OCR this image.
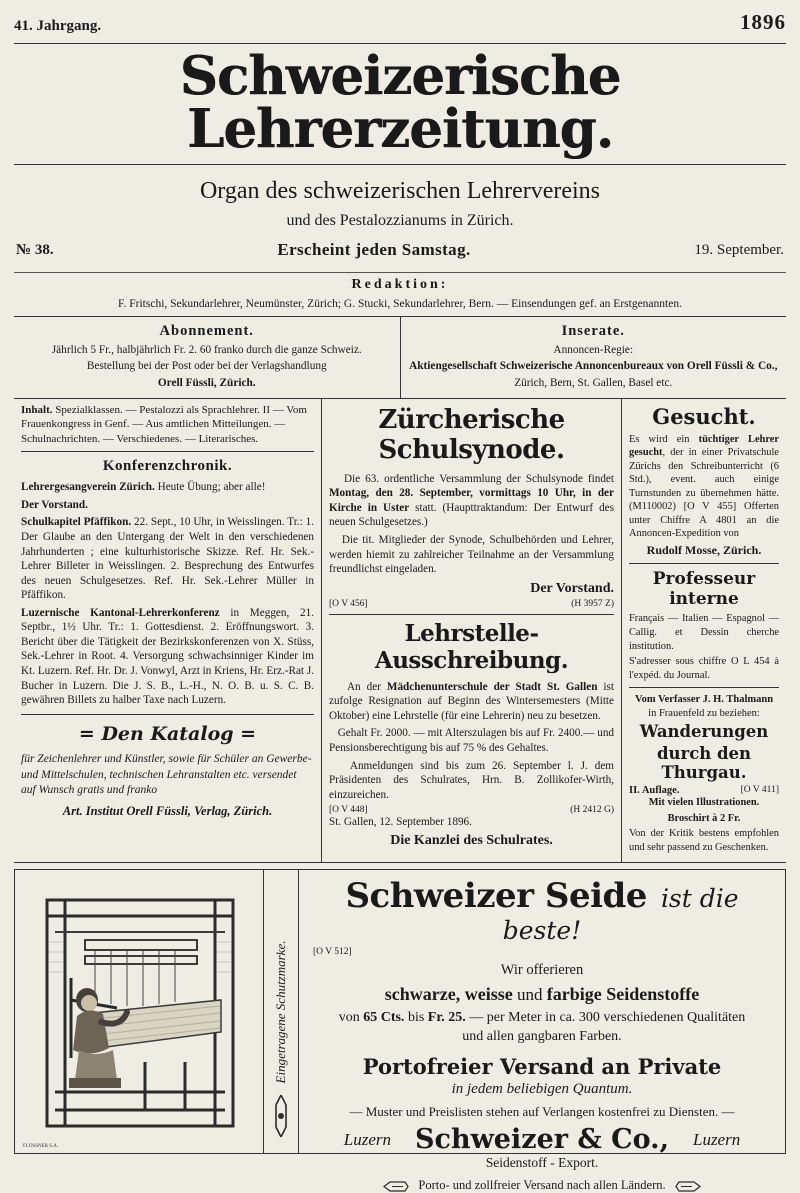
41. Jahrgang.	1896
Schweizerische Lehrerzeitung.
Organ des schweizerischen Lehrervereins
und des Pestalozzianums in Zürich.
№ 38.	Erscheint jeden Samstag.	19. September.
Redaktion:
F. Fritschi, Sekundarlehrer, Neumünster, Zürich; G. Stucki, Sekundarlehrer, Bern. — Einsendungen gef. an Erstgenannten.
Abonnement.

Jährlich 5 Fr., halbjährlich Fr. 2. 60 franko durch die ganze Schweiz.

Bestellung bei der Post oder bei der Verlagshandlung

Orell Füssli, Zürich.

Inserate.

Annoncen-Regie:

Aktiengesellschaft Schweizerische Annoncenbureaux von Orell Füssli & Co.,

Zürich, Bern, St. Gallen, Basel etc.

Inhalt. Spezialklassen. — Pestalozzi als Sprachlehrer. II — Vom Frauenkongress in Genf. — Aus amtlichen Mitteilungen. — Schulnachrichten. — Verschiedenes. — Literarisches.
Konferenzchronik.

Lehrergesangverein Zürich. Heute Übung; aber alle!

Der Vorstand.

Schulkapitel Pfäffikon. 22. Sept., 10 Uhr, in Weisslingen. Tr.: 1. Der Glaube an den Untergang der Welt in den verschiedenen Jahrhunderten ; eine kulturhistorische Skizze. Ref. Hr. Sek.-Lehrer Billeter in Weisslingen. 2. Besprechung des Entwurfes des neuen Schulgesetzes. Ref. Hr. Sek.-Lehrer Müller in Pfäffikon.

Luzernische Kantonal-Lehrerkonferenz in Meggen, 21. Septbr., 1½ Uhr. Tr.: 1. Gottesdienst. 2. Eröffnungswort. 3. Bericht über die Tätigkeit der Bezirkskonferenzen von X. Stüss, Sek.-Lehrer in Root. 4. Versorgung schwachsinniger Kinder im Kt. Luzern. Ref. Hr. Dr. J. Vonwyl, Arzt in Kriens, Hr. Erz.-Rat J. Bucher in Luzern. Die J. S. B., L.-H., N. O. B. u. S. C. B. gewähren Billets zu halber Taxe nach Luzern.

= Den Katalog =
für Zeichenlehrer und Künstler, sowie für Schüler an Gewerbe- und Mittelschulen, technischen Lehranstalten etc. versendet auf Wunsch gratis und franko
Art. Institut Orell Füssli, Verlag, Zürich.
Zürcherische Schulsynode.

Die 63. ordentliche Versammlung der Schulsynode findet Montag, den 28. September, vormittags 10 Uhr, in der Kirche in Uster statt. (Haupttraktandum: Der Entwurf des neuen Schulgesetzes.)

Die tit. Mitglieder der Synode, Schulbehörden und Lehrer, werden hiemit zu zahlreicher Teilnahme an der Versammlung freundlichst eingeladen.

Der Vorstand.
[O V 456]	(H 3957 Z)
Lehrstelle-Ausschreibung.

An der Mädchenunterschule der Stadt St. Gallen ist zufolge Resignation auf Beginn des Wintersemesters (Mitte Oktober) eine Lehrstelle (für eine Lehrerin) neu zu besetzen.

Gehalt Fr. 2000. — mit Alterszulagen bis auf Fr. 2400.— und Pensionsberechtigung bis auf 75 % des Gehaltes.

Anmeldungen sind bis zum 26. September l. J. dem Präsidenten des Schulrates, Hrn. B. Zollikofer-Wirth, einzureichen.

[O V 448]	(H 2412 G)

St. Gallen, 12. September 1896.

Die Kanzlei des Schulrates.
Gesucht.

Es wird ein tüchtiger Lehrer gesucht, der in einer Privatschule Zürichs den Schreibunterricht (6 Std.), event. auch einige Turnstunden zu übernehmen hätte. (M110002) [O V 455] Offerten unter Chiffre A 4801 an die Annoncen-Expedition von

Rudolf Mosse, Zürich.

Professeur interne

Français — Italien — Espagnol — Callig. et Dessin cherche institution.

S'adresser sous chiffre O L 454 à l'expéd. du Journal.

Vom Verfasser J. H. Thalmann

in Frauenfeld zu beziehen:

Wanderungen
durch den Thurgau.
II. Auflage.	[O V 411]

Mit vielen Illustrationen.

Broschirt à 2 Fr.

Von der Kritik bestens empfohlen und sehr passend zu Geschenken.

FLOSSNER S.A.
Eingetragene Schutzmarke.
Schweizer Seide ist die beste!
[O V 512]
Wir offerieren
schwarze, weisse und farbige Seidenstoffe
von 65 Cts. bis Fr. 25. — per Meter in ca. 300 verschiedenen Qualitäten
und allen gangbaren Farben.
Portofreier Versand an Private
in jedem beliebigen Quantum.
— Muster und Preislisten stehen auf Verlangen kostenfrei zu Diensten. —
Luzern Schweizer & Co., Luzern
Seidenstoff - Export.
Porto- und zollfreier Versand nach allen Ländern.
